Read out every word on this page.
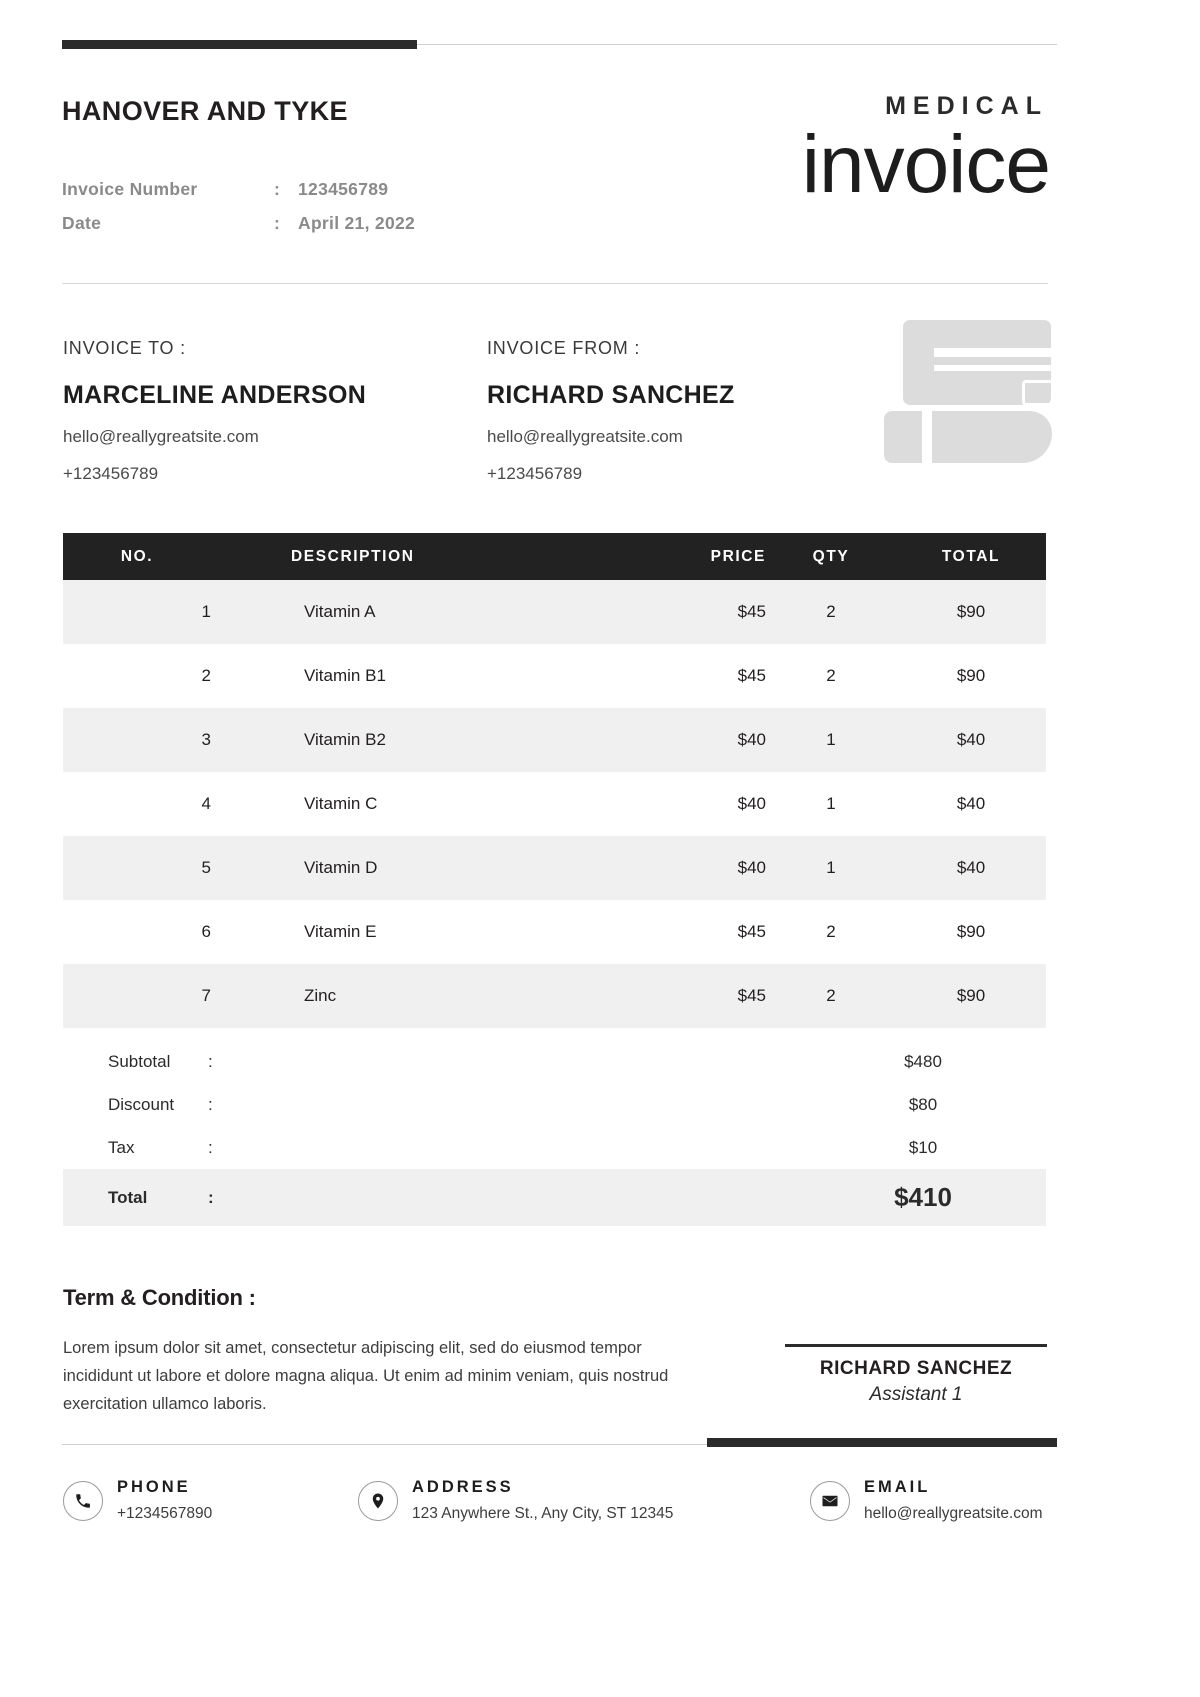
HANOVER AND TYKE
Invoice Number	:	123456789
Date	:	April 21, 2022
MEDICAL
invoice
INVOICE TO :
MARCELINE ANDERSON
hello@reallygreatsite.com
+123456789
INVOICE FROM :
RICHARD SANCHEZ
hello@reallygreatsite.com
+123456789
NO.	DESCRIPTION	PRICE	QTY	TOTAL
1	Vitamin A	$45	2	$90
2	Vitamin B1	$45	2	$90
3	Vitamin B2	$40	1	$40
4	Vitamin C	$40	1	$40
5	Vitamin D	$40	1	$40
6	Vitamin E	$45	2	$90
7	Zinc	$45	2	$90
Subtotal	:	$480
Discount	:	$80
Tax	:	$10
Total	:	$410
Term & Condition :
Lorem ipsum dolor sit amet, consectetur adipiscing elit, sed do eiusmod tempor incididunt ut labore et dolore magna aliqua. Ut enim ad minim veniam, quis nostrud exercitation ullamco laboris.
RICHARD SANCHEZ
Assistant 1
PHONE
+1234567890
ADDRESS
123 Anywhere St., Any City, ST 12345
EMAIL
hello@reallygreatsite.com
